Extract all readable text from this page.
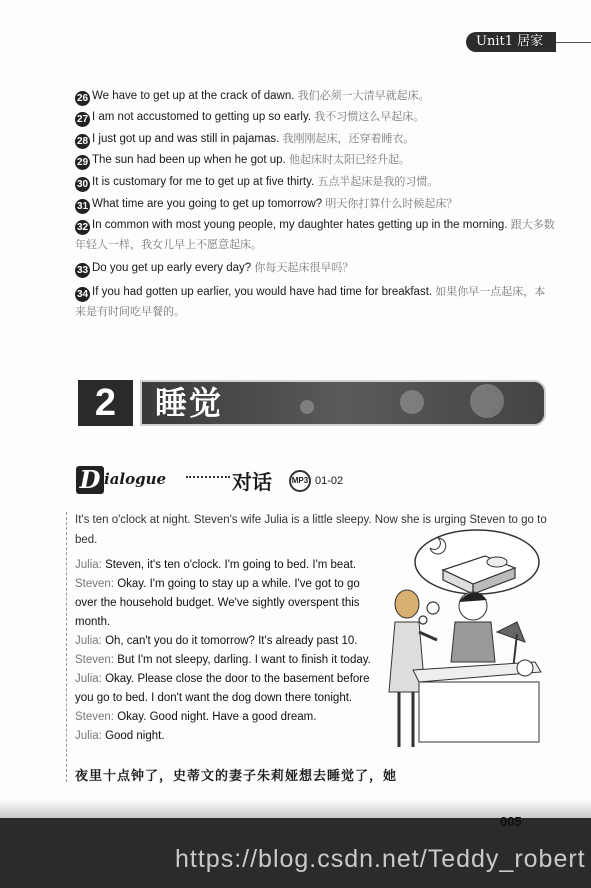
Unit1 居家
26 We have to get up at the crack of dawn. 我们必须一大清早就起床。
27 I am not accustomed to getting up so early. 我不习惯这么早起床。
28 I just got up and was still in pajamas. 我刚刚起床，还穿着睡衣。
29 The sun had been up when he got up. 他起床时太阳已经升起。
30 It is customary for me to get up at five thirty. 五点半起床是我的习惯。
31 What time are you going to get up tomorrow? 明天你打算什么时候起床？
32 In common with most young people, my daughter hates getting up in the morning. 跟大多数年轻人一样，我女儿早上不愿意起床。
33 Do you get up early every day? 你每天起床很早吗？
34 If you had gotten up earlier, you would have had time for breakfast. 如果你早一点起床，本来是有时间吃早餐的。
2	睡觉
D ialogue	对话	MP3 01-02
It's ten o'clock at night. Steven's wife Julia is a little sleepy. Now she is urging Steven to go to bed.
Julia: Steven, it's ten o'clock. I'm going to bed. I'm beat.
Steven: Okay. I'm going to stay up a while. I've got to go
over the household budget. We've sightly overspent this
month.
Julia: Oh, can't you do it tomorrow? It's already past 10.
Steven: But I'm not sleepy, darling. I want to finish it today.
Julia: Okay. Please close the door to the basement before
you go to bed. I don't want the dog down there tonight.
Steven: Okay. Good night. Have a good dream.
Julia: Good night.
夜里十点钟了，史蒂文的妻子朱莉娅想去睡觉了，她
005
https://blog.csdn.net/Teddy_robert
